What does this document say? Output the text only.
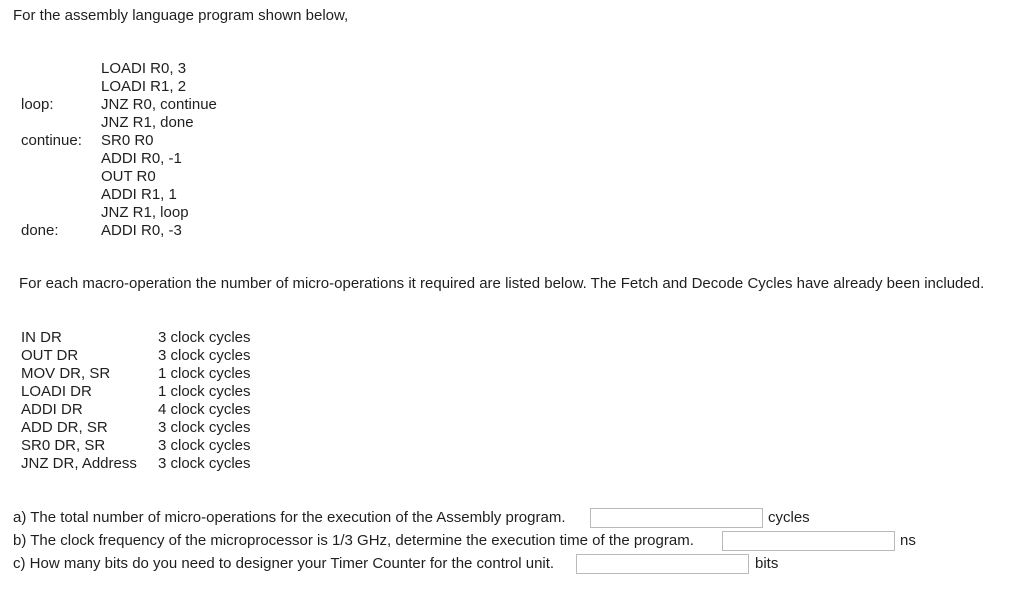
For the assembly language program shown below,
LOADI R0, 3
LOADI R1, 2
loop:	JNZ R0, continue
JNZ R1, done
continue: SR0 R0
ADDI R0, -1
OUT R0
ADDI R1, 1
JNZ R1, loop
done:	ADDI R0, -3
For each macro-operation the number of micro-operations it required are listed below. The Fetch and Decode Cycles have already been included.
IN DR	3 clock cycles
OUT DR	3 clock cycles
MOV DR, SR	1 clock cycles
LOADI DR	1 clock cycles
ADDI DR	4 clock cycles
ADD DR, SR	3 clock cycles
SR0 DR, SR	3 clock cycles
JNZ DR, Address 3 clock cycles
a) The total number of micro-operations for the execution of the Assembly program.	cycles
b) The clock frequency of the microprocessor is 1/3 GHz, determine the execution time of the program.	ns
c) How many bits do you need to designer your Timer Counter for the control unit.	bits
